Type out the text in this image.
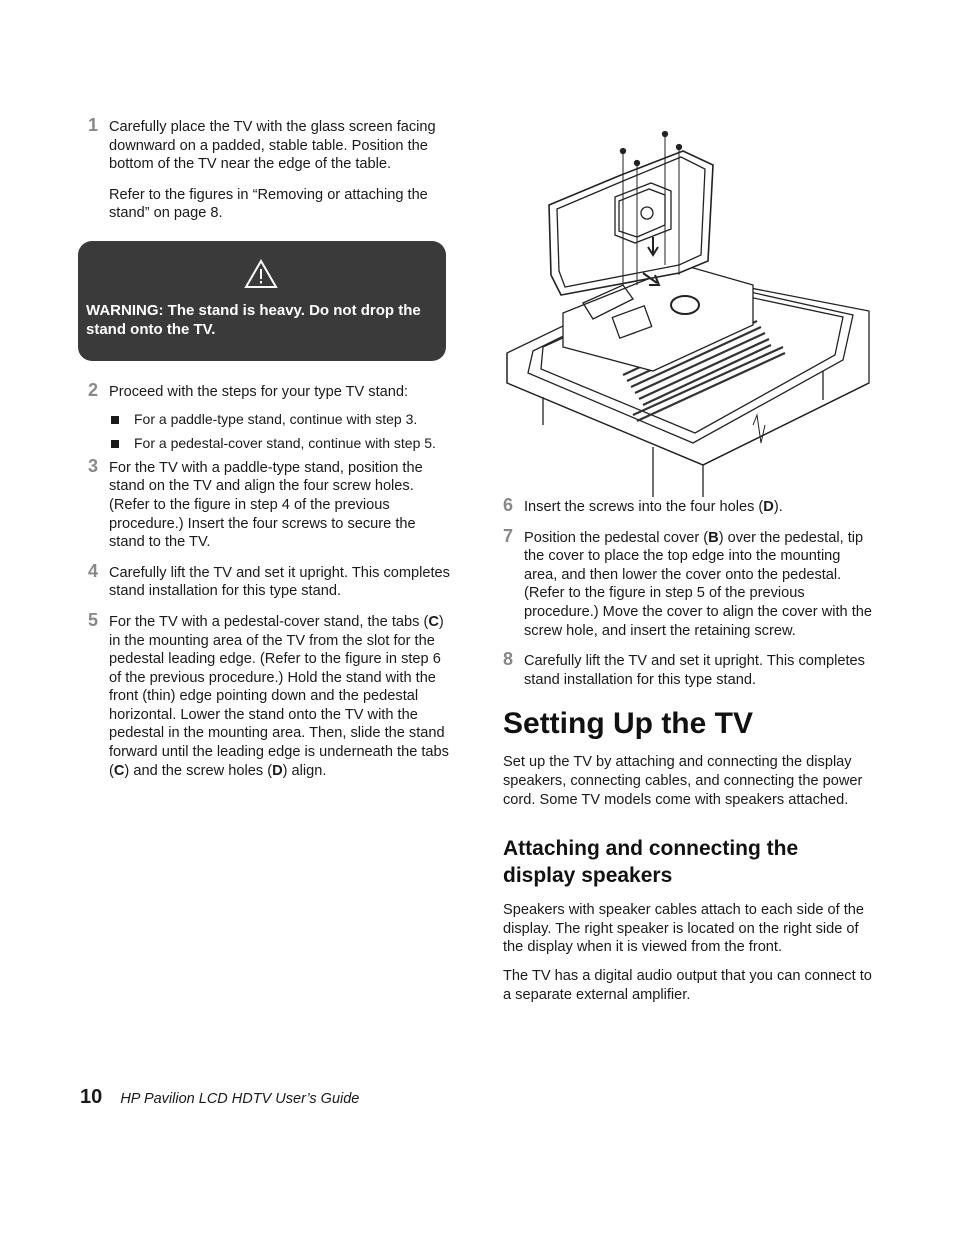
1 Carefully place the TV with the glass screen facing downward on a padded, stable table. Position the bottom of the TV near the edge of the table.

Refer to the figures in “Removing or attaching the stand” on page 8.

WARNING: The stand is heavy. Do not drop the stand onto the TV.
2 Proceed with the steps for your type TV stand:
For a paddle-type stand, continue with step 3.
For a pedestal-cover stand, continue with step 5.
3 For the TV with a paddle-type stand, position the stand on the TV and align the four screw holes. (Refer to the figure in step 4 of the previous procedure.) Insert the four screws to secure the stand to the TV.
4 Carefully lift the TV and set it upright. This completes stand installation for this type stand.
5 For the TV with a pedestal-cover stand, the tabs (C) in the mounting area of the TV from the slot for the pedestal leading edge. (Refer to the figure in step 6 of the previous procedure.) Hold the stand with the front (thin) edge pointing down and the pedestal horizontal. Lower the stand onto the TV with the pedestal in the mounting area. Then, slide the stand forward until the leading edge is underneath the tabs (C) and the screw holes (D) align.
6 Insert the screws into the four holes (D).
7 Position the pedestal cover (B) over the pedestal, tip the cover to place the top edge into the mounting area, and then lower the cover onto the pedestal. (Refer to the figure in step 5 of the previous procedure.) Move the cover to align the cover with the screw hole, and insert the retaining screw.
8 Carefully lift the TV and set it upright. This completes stand installation for this type stand.
Setting Up the TV

Set up the TV by attaching and connecting the display speakers, connecting cables, and connecting the power cord. Some TV models come with speakers attached.

Attaching and connecting the display speakers

Speakers with speaker cables attach to each side of the display. The right speaker is located on the right side of the display when it is viewed from the front.

The TV has a digital audio output that you can connect to a separate external amplifier.

10 HP Pavilion LCD HDTV User’s Guide
